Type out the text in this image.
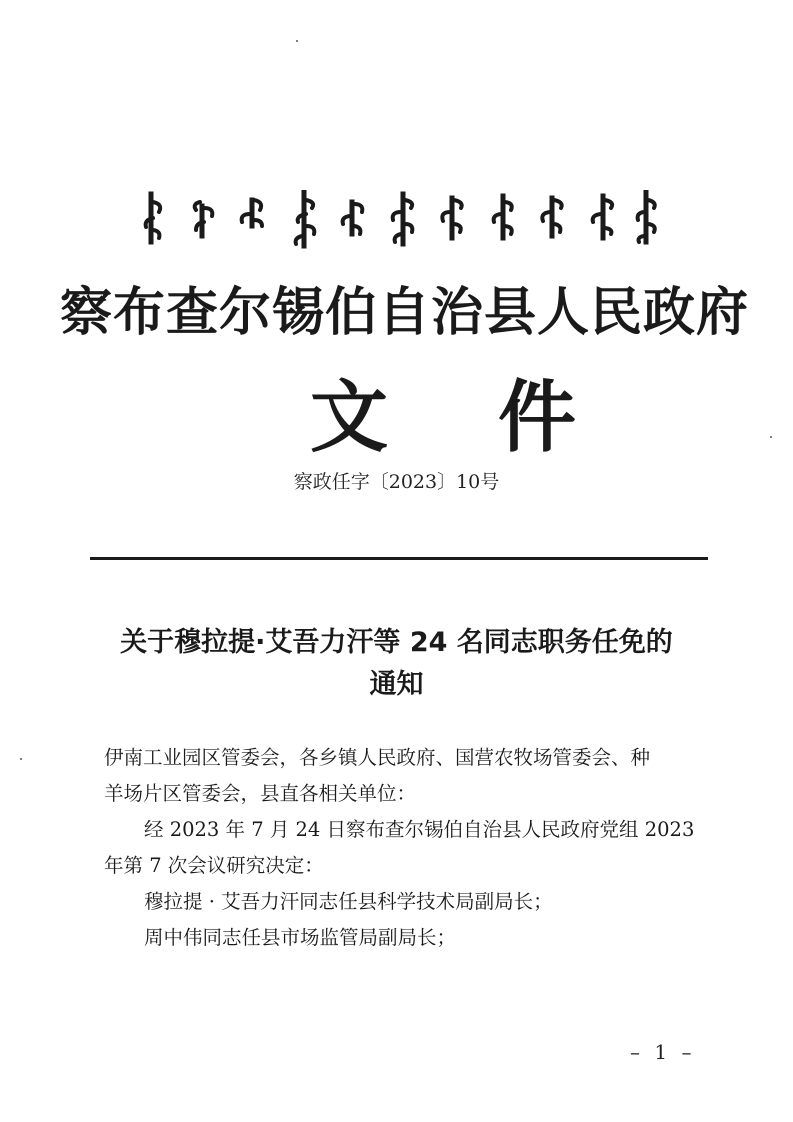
察布查尔锡伯自治县人民政府
文件
察政任字〔2023〕10号
关于穆拉提·艾吾力汗等 24 名同志职务任免的
通知

伊南工业园区管委会，各乡镇人民政府、国营农牧场管委会、种

羊场片区管委会，县直各相关单位：

经 2023 年 7 月 24 日察布查尔锡伯自治县人民政府党组 2023

年第 7 次会议研究决定：

穆拉提 · 艾吾力汗同志任县科学技术局副局长；

周中伟同志任县市场监管局副局长；

– 1 –
